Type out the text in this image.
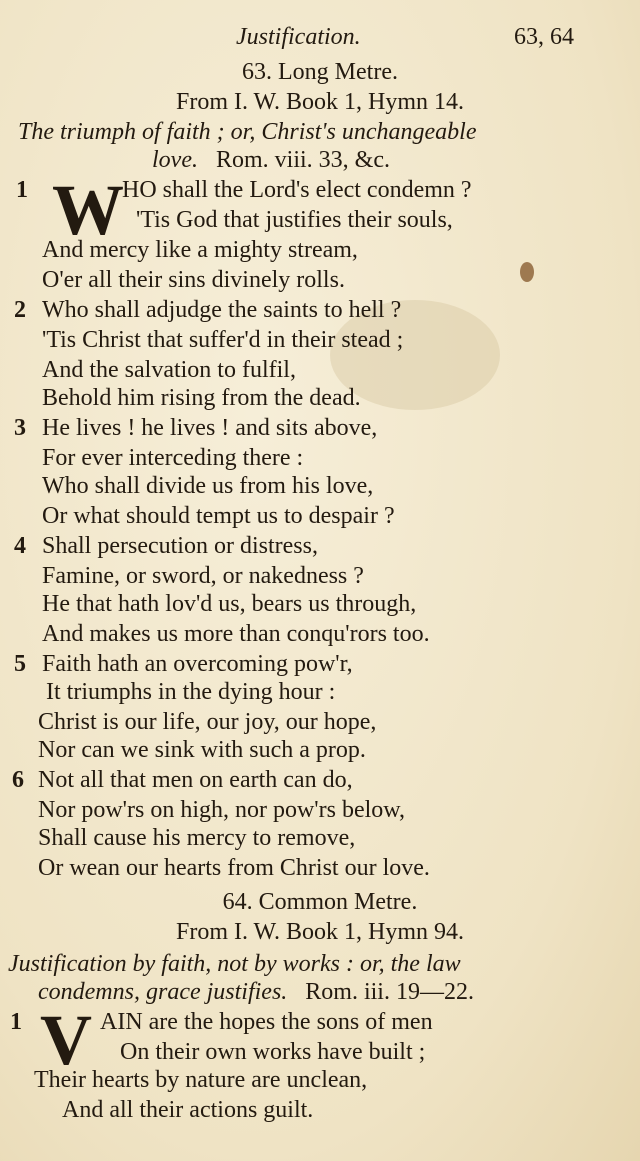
Justification.	63, 64
63. Long Metre.
From I. W. Book 1, Hymn 14.
The triumph of faith ; or, Christ's unchangeable
love. Rom. viii. 33, &c.
1 W
HO shall the Lord's elect condemn ?
'Tis God that justifies their souls,
And mercy like a mighty stream,
O'er all their sins divinely rolls.
2 Who shall adjudge the saints to hell ?
'Tis Christ that suffer'd in their stead ;
And the salvation to fulfil,
Behold him rising from the dead.
3 He lives ! he lives ! and sits above,
For ever interceding there :
Who shall divide us from his love,
Or what should tempt us to despair ?
4 Shall persecution or distress,
Famine, or sword, or nakedness ?
He that hath lov'd us, bears us through,
And makes us more than conqu'rors too.
5 Faith hath an overcoming pow'r,
It triumphs in the dying hour :
Christ is our life, our joy, our hope,
Nor can we sink with such a prop.
6 Not all that men on earth can do,
Nor pow'rs on high, nor pow'rs below,
Shall cause his mercy to remove,
Or wean our hearts from Christ our love.
64. Common Metre.
From I. W. Book 1, Hymn 94.
Justification by faith, not by works : or, the law
condemns, grace justifies. Rom. iii. 19—22.
1 V AIN are the hopes the sons of men
On their own works have built ;
Their hearts by nature are unclean,
And all their actions guilt.
